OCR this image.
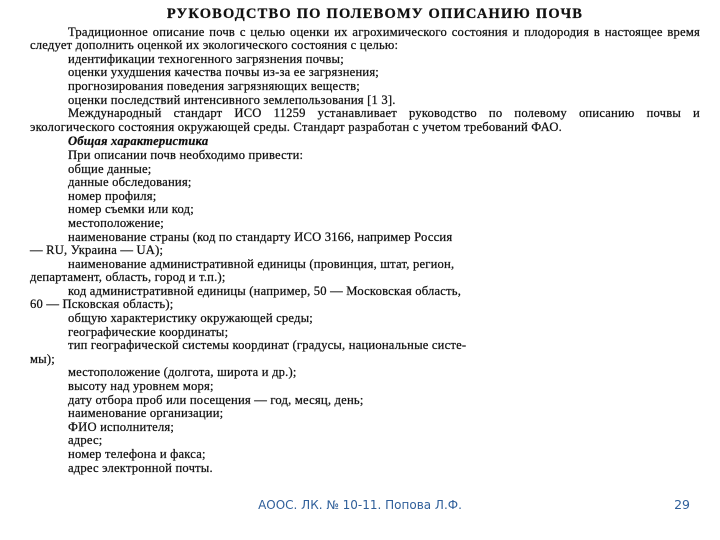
РУКОВОДСТВО ПО ПОЛЕВОМУ ОПИСАНИЮ ПОЧВ

Традиционное описание почв с целью оценки их агрохимического состояния и плодородия в настоящее время следует дополнить оценкой их экологического состояния с целью:

идентификации техногенного загрязнения почвы;

оценки ухудшения качества почвы из-за ее загрязнения;

прогнозирования поведения загрязняющих веществ;

оценки последствий интенсивного землепользования [1 3].

Международный стандарт ИСО 11259 устанавливает руководство по полевому описанию почвы и экологического состояния окружающей среды. Стандарт разработан с учетом требований ФАО.

Общая характеристика

При описании почв необходимо привести:

общие данные;

данные обследования;

номер профиля;

номер съемки или код;

местоположение;

наименование страны (код по стандарту ИСО 3166, например Россия

— RU, Украина — UA);

наименование административной единицы (провинция, штат, регион,

департамент, область, город и т.п.);

код административной единицы (например, 50 — Московская область,

60 — Псковская область);

общую характеристику окружающей среды;

географические координаты;

тип географической системы координат (градусы, национальные систе-

мы);

местоположение (долгота, широта и др.);

высоту над уровнем моря;

дату отбора проб или посещения — год, месяц, день;

наименование организации;

ФИО исполнителя;

адрес;

номер телефона и факса;

адрес электронной почты.

АООС. ЛК. № 10-11. Попова Л.Ф.	29
